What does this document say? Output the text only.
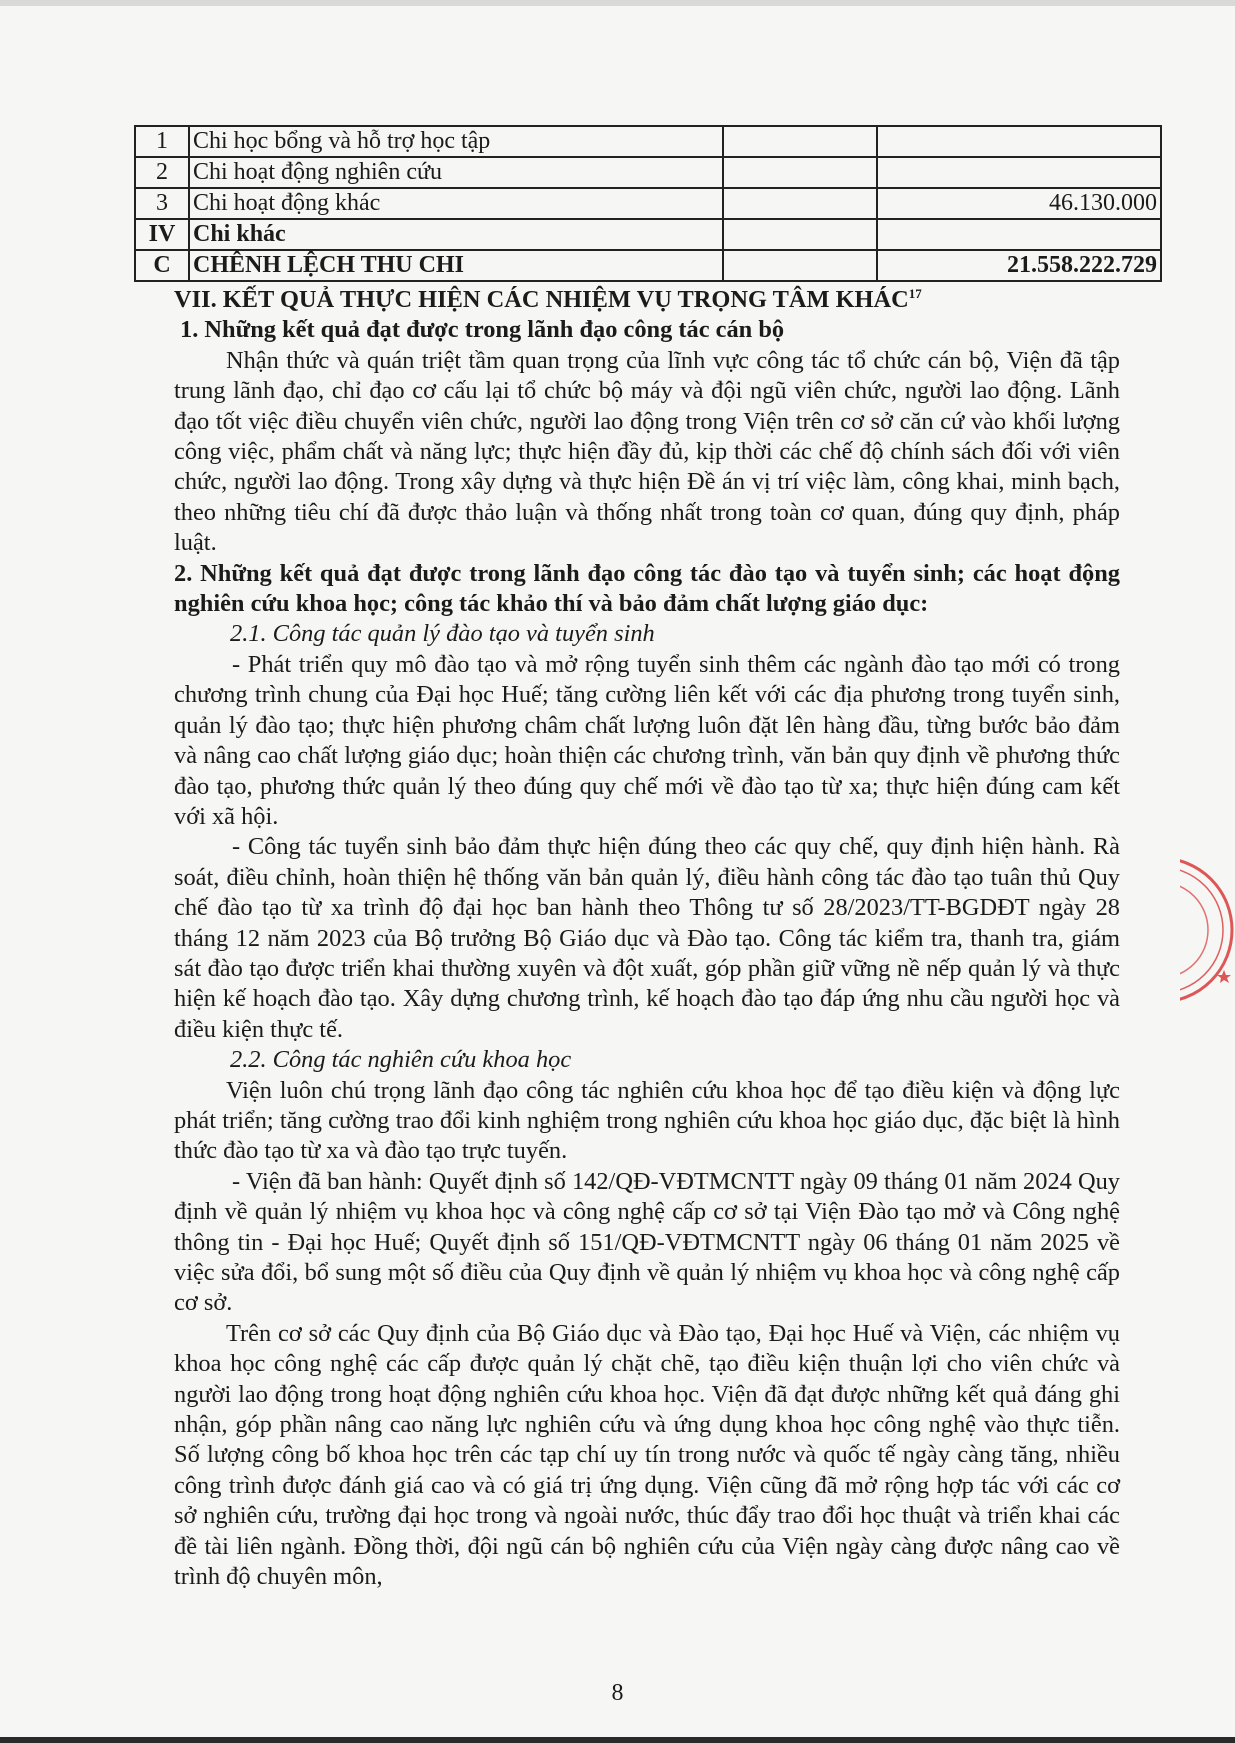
1	Chi học bổng và hỗ trợ học tập		
2	Chi hoạt động nghiên cứu		
3	Chi hoạt động khác		46.130.000
IV	Chi khác		
C	CHÊNH LỆCH THU CHI		21.558.222.729

VII. KẾT QUẢ THỰC HIỆN CÁC NHIỆM VỤ TRỌNG TÂM KHÁC$^{17}$

1. Những kết quả đạt được trong lãnh đạo công tác cán bộ

Nhận thức và quán triệt tầm quan trọng của lĩnh vực công tác tổ chức cán bộ, Viện đã tập trung lãnh đạo, chỉ đạo cơ cấu lại tổ chức bộ máy và đội ngũ viên chức, người lao động. Lãnh đạo tốt việc điều chuyển viên chức, người lao động trong Viện trên cơ sở căn cứ vào khối lượng công việc, phẩm chất và năng lực; thực hiện đầy đủ, kịp thời các chế độ chính sách đối với viên chức, người lao động. Trong xây dựng và thực hiện Đề án vị trí việc làm, công khai, minh bạch, theo những tiêu chí đã được thảo luận và thống nhất trong toàn cơ quan, đúng quy định, pháp luật.

2. Những kết quả đạt được trong lãnh đạo công tác đào tạo và tuyển sinh; các hoạt động nghiên cứu khoa học; công tác khảo thí và bảo đảm chất lượng giáo dục:

2.1. Công tác quản lý đào tạo và tuyển sinh

- Phát triển quy mô đào tạo và mở rộng tuyển sinh thêm các ngành đào tạo mới có trong chương trình chung của Đại học Huế; tăng cường liên kết với các địa phương trong tuyển sinh, quản lý đào tạo; thực hiện phương châm chất lượng luôn đặt lên hàng đầu, từng bước bảo đảm và nâng cao chất lượng giáo dục; hoàn thiện các chương trình, văn bản quy định về phương thức đào tạo, phương thức quản lý theo đúng quy chế mới về đào tạo từ xa; thực hiện đúng cam kết với xã hội.

- Công tác tuyển sinh bảo đảm thực hiện đúng theo các quy chế, quy định hiện hành. Rà soát, điều chỉnh, hoàn thiện hệ thống văn bản quản lý, điều hành công tác đào tạo tuân thủ Quy chế đào tạo từ xa trình độ đại học ban hành theo Thông tư số 28/2023/TT-BGDĐT ngày 28 tháng 12 năm 2023 của Bộ trưởng Bộ Giáo dục và Đào tạo. Công tác kiểm tra, thanh tra, giám sát đào tạo được triển khai thường xuyên và đột xuất, góp phần giữ vững nề nếp quản lý và thực hiện kế hoạch đào tạo. Xây dựng chương trình, kế hoạch đào tạo đáp ứng nhu cầu người học và điều kiện thực tế.

2.2. Công tác nghiên cứu khoa học

Viện luôn chú trọng lãnh đạo công tác nghiên cứu khoa học để tạo điều kiện và động lực phát triển; tăng cường trao đổi kinh nghiệm trong nghiên cứu khoa học giáo dục, đặc biệt là hình thức đào tạo từ xa và đào tạo trực tuyến.

- Viện đã ban hành: Quyết định số 142/QĐ-VĐTMCNTT ngày 09 tháng 01 năm 2024 Quy định về quản lý nhiệm vụ khoa học và công nghệ cấp cơ sở tại Viện Đào tạo mở và Công nghệ thông tin - Đại học Huế; Quyết định số 151/QĐ-VĐTMCNTT ngày 06 tháng 01 năm 2025 về việc sửa đổi, bổ sung một số điều của Quy định về quản lý nhiệm vụ khoa học và công nghệ cấp cơ sở.

Trên cơ sở các Quy định của Bộ Giáo dục và Đào tạo, Đại học Huế và Viện, các nhiệm vụ khoa học công nghệ các cấp được quản lý chặt chẽ, tạo điều kiện thuận lợi cho viên chức và người lao động trong hoạt động nghiên cứu khoa học. Viện đã đạt được những kết quả đáng ghi nhận, góp phần nâng cao năng lực nghiên cứu và ứng dụng khoa học công nghệ vào thực tiễn. Số lượng công bố khoa học trên các tạp chí uy tín trong nước và quốc tế ngày càng tăng, nhiều công trình được đánh giá cao và có giá trị ứng dụng. Viện cũng đã mở rộng hợp tác với các cơ sở nghiên cứu, trường đại học trong và ngoài nước, thúc đẩy trao đổi học thuật và triển khai các đề tài liên ngành. Đồng thời, đội ngũ cán bộ nghiên cứu của Viện ngày càng được nâng cao về trình độ chuyên môn,

8
